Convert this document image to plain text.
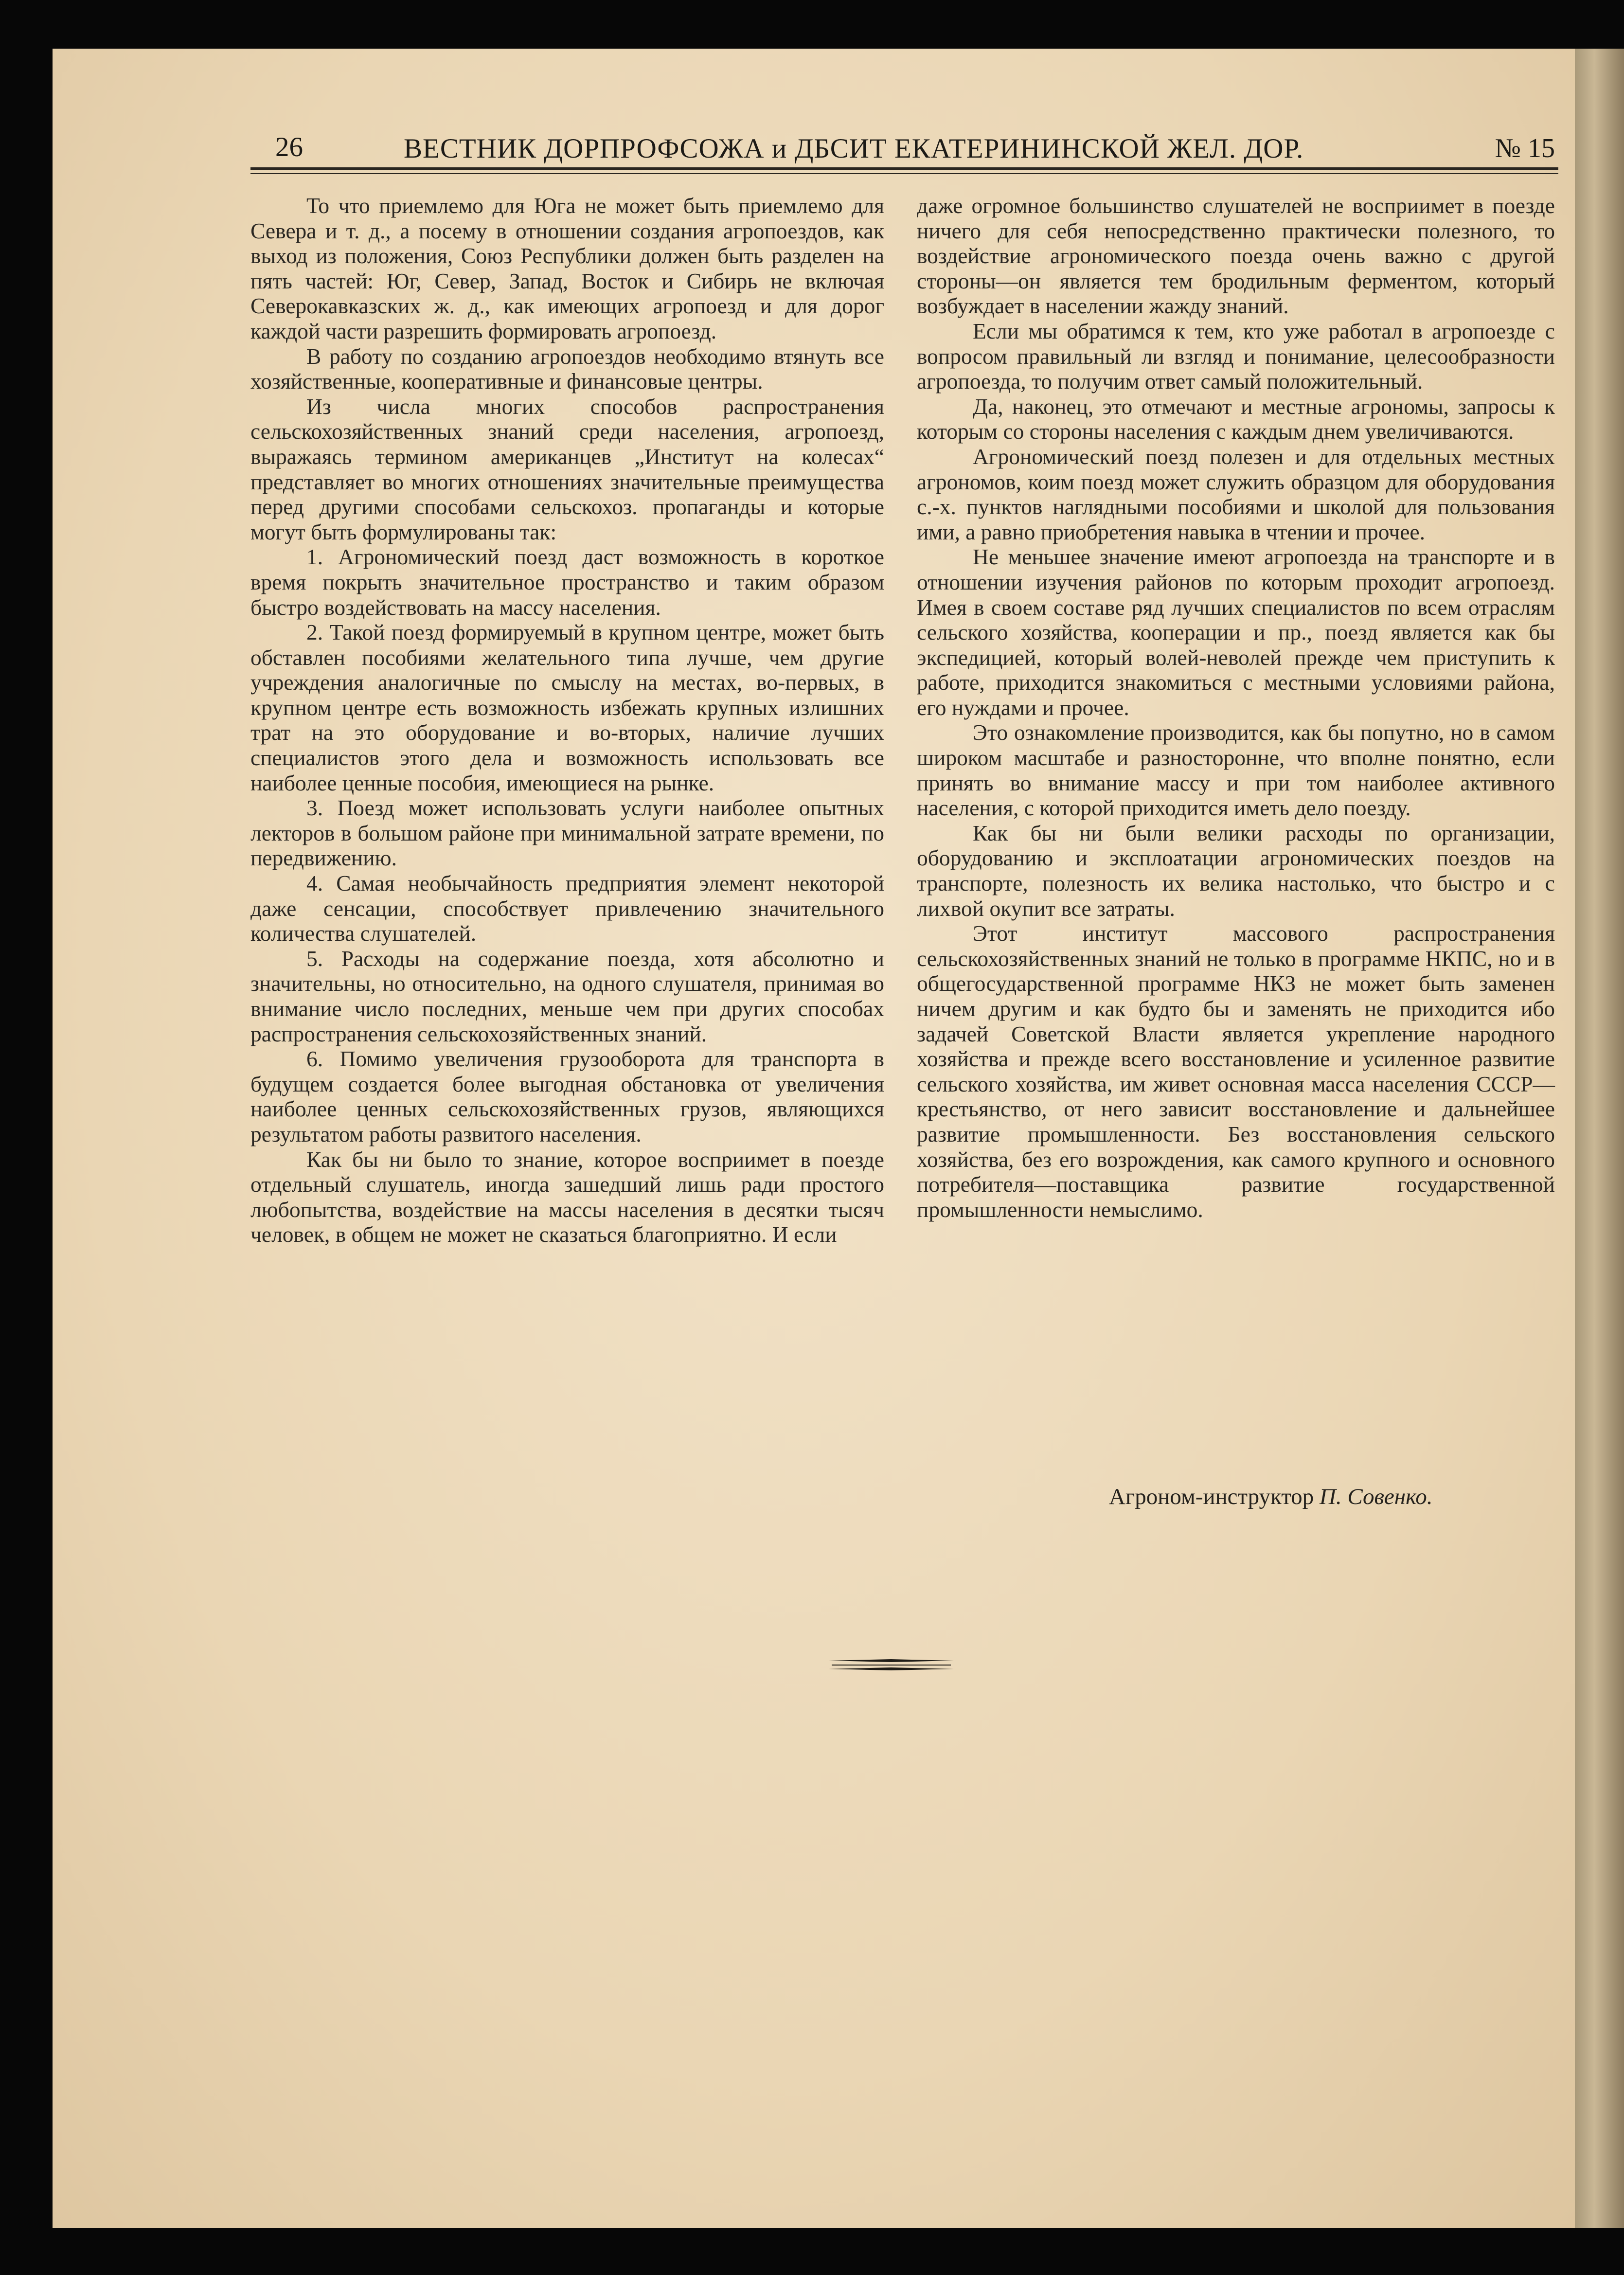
26	ВЕСТНИК ДОРПРОФСОЖА и ДБСИТ ЕКАТЕРИНИНСКОЙ ЖЕЛ. ДОР.	№ 15

То что приемлемо для Юга не может быть приемлемо для Севера и т. д., а посему в отношении создания агропоездов, как выход из положения, Союз Республики должен быть разделен на пять частей: Юг, Север, Запад, Восток и Сибирь не включая Северокавказских ж. д., как имеющих агропоезд и для дорог каждой части разрешить формировать агропоезд.

В работу по созданию агропоездов необходимо втянуть все хозяйственные, кооперативные и финансовые центры.

Из числа многих способов распространения сельскохозяйственных знаний среди населения, агропоезд, выражаясь термином американцев „Институт на колесах“ представляет во многих отношениях значительные преимущества перед другими способами сельскохоз. пропаганды и которые могут быть формулированы так:

1. Агрономический поезд даст возможность в короткое время покрыть значительное пространство и таким образом быстро воздействовать на массу населения.

2. Такой поезд формируемый в крупном центре, может быть обставлен пособиями желательного типа лучше, чем другие учреждения аналогичные по смыслу на местах, во-первых, в крупном центре есть возможность избежать крупных излишних трат на это оборудование и во-вторых, наличие лучших специалистов этого дела и возможность использовать все наиболее ценные пособия, имеющиеся на рынке.

3. Поезд может использовать услуги наиболее опытных лекторов в большом районе при минимальной затрате времени, по передвижению.

4. Самая необычайность предприятия элемент некоторой даже сенсации, способствует привлечению значительного количества слушателей.

5. Расходы на содержание поезда, хотя абсолютно и значительны, но относительно, на одного слушателя, принимая во внимание число последних, меньше чем при других способах распространения сельскохозяйственных знаний.

6. Помимо увеличения грузооборота для транспорта в будущем создается более выгодная обстановка от увеличения наиболее ценных сельскохозяйственных грузов, являющихся результатом работы развитого населения.

Как бы ни было то знание, которое восприимет в поезде отдельный слушатель, иногда зашедший лишь ради простого любопытства, воздействие на массы населения в десятки тысяч человек, в общем не может не сказаться благоприятно. И если

даже огромное большинство слушателей не восприимет в поезде ничего для себя непосредственно практически полезного, то воздействие агрономического поезда очень важно с другой стороны—он является тем бродильным ферментом, который возбуждает в населении жажду знаний.

Если мы обратимся к тем, кто уже работал в агропоезде с вопросом правильный ли взгляд и понимание, целесообразности агропоезда, то получим ответ самый положительный.

Да, наконец, это отмечают и местные агрономы, запросы к которым со стороны населения с каждым днем увеличиваются.

Агрономический поезд полезен и для отдельных местных агрономов, коим поезд может служить образцом для оборудования с.-х. пунктов наглядными пособиями и школой для пользования ими, а равно приобретения навыка в чтении и прочее.

Не меньшее значение имеют агропоезда на транспорте и в отношении изучения районов по которым проходит агропоезд. Имея в своем составе ряд лучших специалистов по всем отраслям сельского хозяйства, кооперации и пр., поезд является как бы экспедицией, который волей-неволей прежде чем приступить к работе, приходится знакомиться с местными условиями района, его нуждами и прочее.

Это ознакомление производится, как бы попутно, но в самом широком масштабе и разносторонне, что вполне понятно, если принять во внимание массу и при том наиболее активного населения, с которой приходится иметь дело поезду.

Как бы ни были велики расходы по организации, оборудованию и эксплоатации агрономических поездов на транспорте, полезность их велика настолько, что быстро и с лихвой окупит все затраты.

Этот институт массового распространения сельскохозяйственных знаний не только в программе НКПС, но и в общегосударственной программе НКЗ не может быть заменен ничем другим и как будто бы и заменять не приходится ибо задачей Советской Власти является укрепление народного хозяйства и прежде всего восстановление и усиленное развитие сельского хозяйства, им живет основная масса населения СССР—крестьянство, от него зависит восстановление и дальнейшее развитие промышленности. Без восстановления сельского хозяйства, без его возрождения, как самого крупного и основного потребителя—поставщика развитие государственной промышленности немыслимо.

Агроном-инструктор П. Совенко.
